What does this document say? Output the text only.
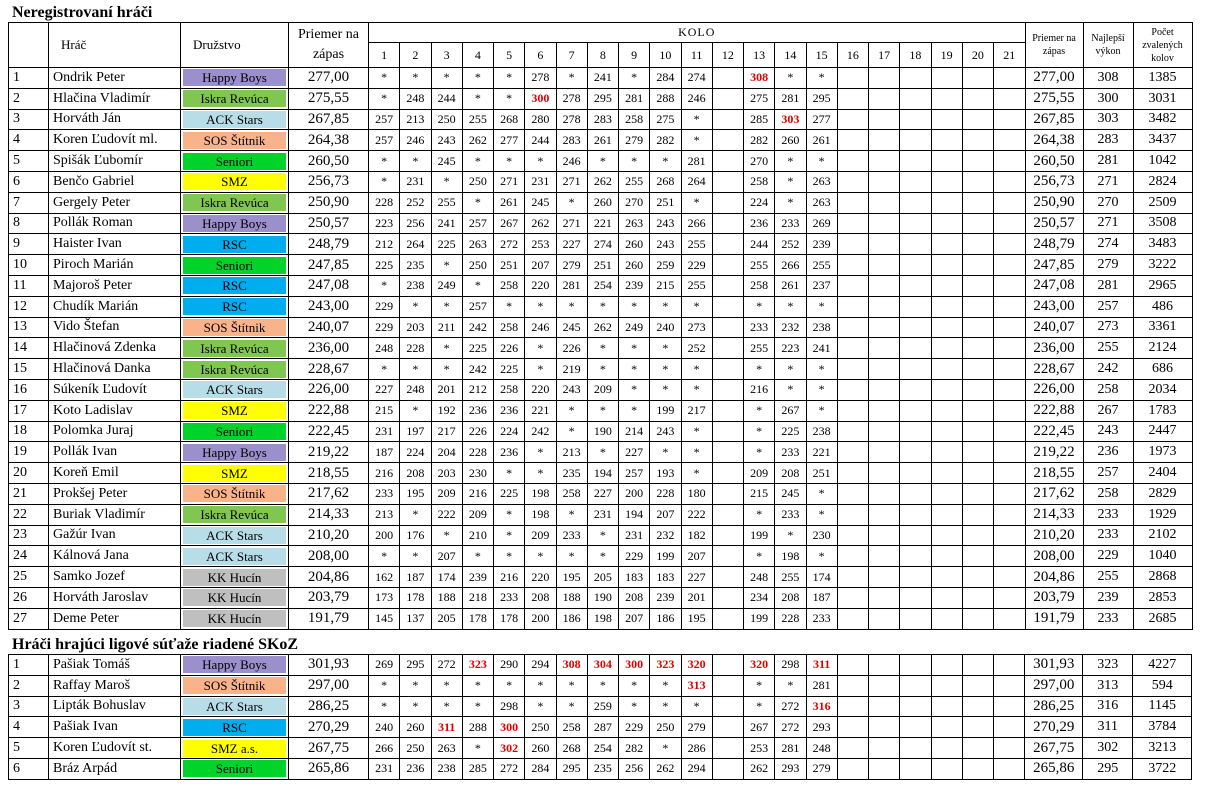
Neregistrovaní hráči
	Hráč	Družstvo	Priemer na zápas	KOLO																					Priemer na zápas	Najlepší výkon	Počet zvalených kolov
				1	2	3	4	5	6	7	8	9	10	11	12	13	14	15	16	17	18	19	20	21			
1	Ondrik Peter	Happy Boys	277,00	*	*	*	*	*	278	*	241	*	284	274		308	*	*							277,00	308	1385
2	Hlačina Vladimír	Iskra Revúca	275,55	*	248	244	*	*	300	278	295	281	288	246		275	281	295							275,55	300	3031
3	Horváth Ján	ACK Stars	267,85	257	213	250	255	268	280	278	283	258	275	*		285	303	277							267,85	303	3482
4	Koren Ľudovít ml.	SOS Štítnik	264,38	257	246	243	262	277	244	283	261	279	282	*		282	260	261							264,38	283	3437
5	Spišák Ľubomír	Seniori	260,50	*	*	245	*	*	*	246	*	*	*	281		270	*	*							260,50	281	1042
6	Benčo Gabriel	SMZ	256,73	*	231	*	250	271	231	271	262	255	268	264		258	*	263							256,73	271	2824
7	Gergely Peter	Iskra Revúca	250,90	228	252	255	*	261	245	*	260	270	251	*		224	*	263							250,90	270	2509
8	Pollák Roman	Happy Boys	250,57	223	256	241	257	267	262	271	221	263	243	266		236	233	269							250,57	271	3508
9	Haister Ivan	RSC	248,79	212	264	225	263	272	253	227	274	260	243	255		244	252	239							248,79	274	3483
10	Piroch Marián	Seniori	247,85	225	235	*	250	251	207	279	251	260	259	229		255	266	255							247,85	279	3222
11	Majoroš Peter	RSC	247,08	*	238	249	*	258	220	281	254	239	215	255		258	261	237							247,08	281	2965
12	Chudík Marián	RSC	243,00	229	*	*	257	*	*	*	*	*	*	*		*	*	*							243,00	257	486
13	Vido Štefan	SOS Štítnik	240,07	229	203	211	242	258	246	245	262	249	240	273		233	232	238							240,07	273	3361
14	Hlačinová Zdenka	Iskra Revúca	236,00	248	228	*	225	226	*	226	*	*	*	252		255	223	241							236,00	255	2124
15	Hlačinová Danka	Iskra Revúca	228,67	*	*	*	242	225	*	219	*	*	*	*		*	*	*							228,67	242	686
16	Súkeník Ľudovít	ACK Stars	226,00	227	248	201	212	258	220	243	209	*	*	*		216	*	*							226,00	258	2034
17	Koto Ladislav	SMZ	222,88	215	*	192	236	236	221	*	*	*	199	217		*	267	*							222,88	267	1783
18	Polomka Juraj	Seniori	222,45	231	197	217	226	224	242	*	190	214	243	*		*	225	238							222,45	243	2447
19	Pollák Ivan	Happy Boys	219,22	187	224	204	228	236	*	213	*	227	*	*		*	233	221							219,22	236	1973
20	Koreň Emil	SMZ	218,55	216	208	203	230	*	*	235	194	257	193	*		209	208	251							218,55	257	2404
21	Prokšej Peter	SOS Štítnik	217,62	233	195	209	216	225	198	258	227	200	228	180		215	245	*							217,62	258	2829
22	Buriak Vladimír	Iskra Revúca	214,33	213	*	222	209	*	198	*	231	194	207	222		*	233	*							214,33	233	1929
23	Gažúr Ivan	ACK Stars	210,20	200	176	*	210	*	209	233	*	231	232	182		199	*	230							210,20	233	2102
24	Kálnová Jana	ACK Stars	208,00	*	*	207	*	*	*	*	*	229	199	207		*	198	*							208,00	229	1040
25	Samko Jozef	KK Hucín	204,86	162	187	174	239	216	220	195	205	183	183	227		248	255	174							204,86	255	2868
26	Horváth Jaroslav	KK Hucín	203,79	173	178	188	218	233	208	188	190	208	239	201		234	208	187							203,79	239	2853
27	Deme Peter	KK Hucín	191,79	145	137	205	178	178	200	186	198	207	186	195		199	228	233							191,79	233	2685
Hráči hrajúci ligové súťaže riadené SKoZ
1	Pašiak Tomáš	Happy Boys	301,93	269	295	272	323	290	294	308	304	300	323	320		320	298	311							301,93	323	4227
2	Raffay Maroš	SOS Štítnik	297,00	*	*	*	*	*	*	*	*	*	*	313		*	*	281							297,00	313	594
3	Lipták Bohuslav	ACK Stars	286,25	*	*	*	*	298	*	*	259	*	*	*		*	272	316							286,25	316	1145
4	Pašiak Ivan	RSC	270,29	240	260	311	288	300	250	258	287	229	250	279		267	272	293							270,29	311	3784
5	Koren Ľudovít st.	SMZ a.s.	267,75	266	250	263	*	302	260	268	254	282	*	286		253	281	248							267,75	302	3213
6	Bráz Arpád	Seniori	265,86	231	236	238	285	272	284	295	235	256	262	294		262	293	279							265,86	295	3722
